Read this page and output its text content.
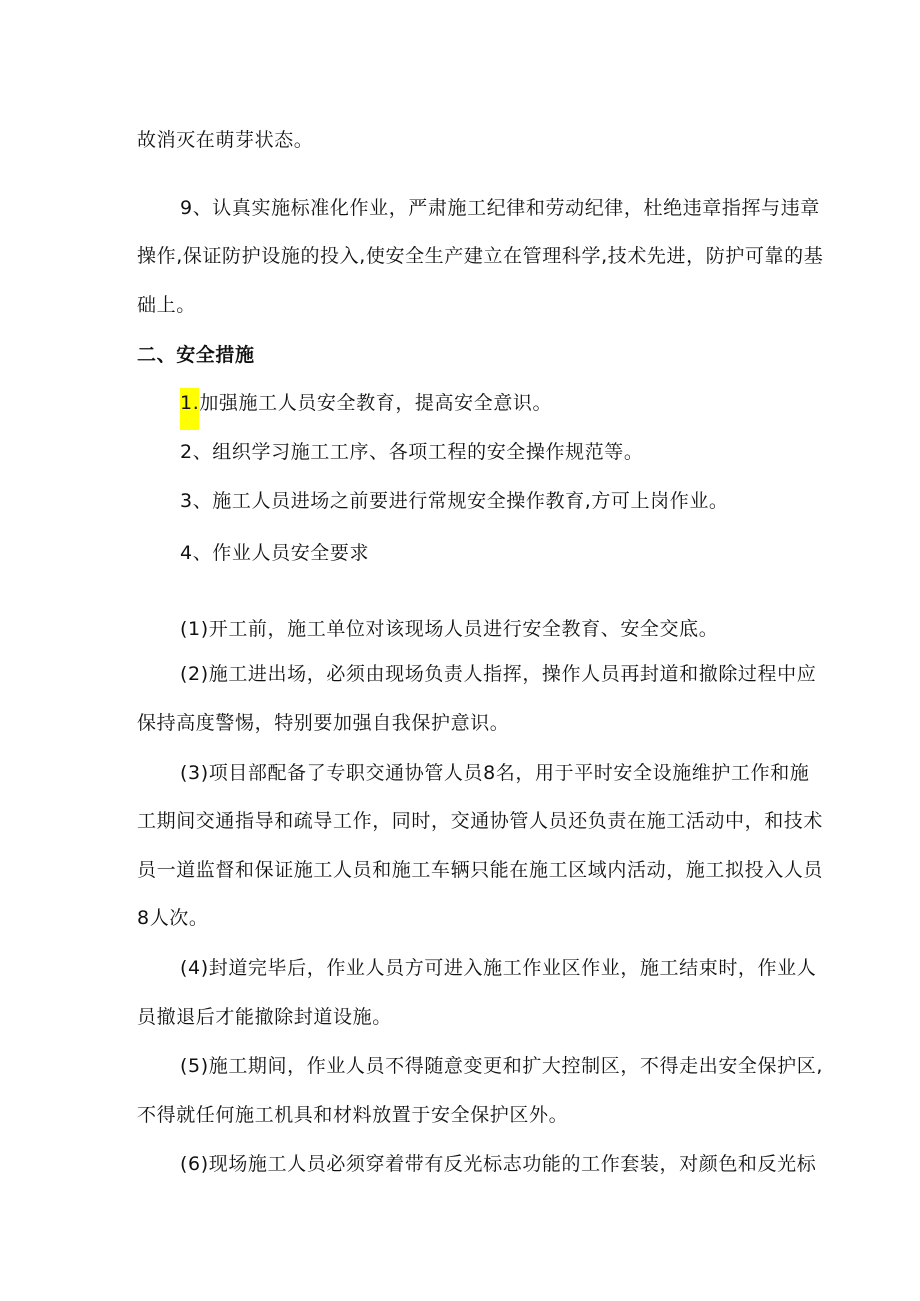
故消灭在萌芽状态。
9、认真实施标准化作业，严肃施工纪律和劳动纪律，杜绝违章指挥与违章
操作,保证防护设施的投入,使安全生产建立在管理科学,技术先进，防护可靠的基
础上。
二、安全措施
1.加强施工人员安全教育，提高安全意识。
2、组织学习施工工序、各项工程的安全操作规范等。
3、施工人员进场之前要进行常规安全操作教育,方可上岗作业。
4、作业人员安全要求
(1)开工前，施工单位对该现场人员进行安全教育、安全交底。
(2)施工进出场，必须由现场负责人指挥，操作人员再封道和撤除过程中应
保持高度警惕，特别要加强自我保护意识。
(3)项目部配备了专职交通协管人员8名，用于平时安全设施维护工作和施
工期间交通指导和疏导工作，同时，交通协管人员还负责在施工活动中，和技术
员一道监督和保证施工人员和施工车辆只能在施工区域内活动，施工拟投入人员
8人次。
(4)封道完毕后，作业人员方可进入施工作业区作业，施工结束时，作业人
员撤退后才能撤除封道设施。
(5)施工期间，作业人员不得随意变更和扩大控制区，不得走出安全保护区,
不得就任何施工机具和材料放置于安全保护区外。
(6)现场施工人员必须穿着带有反光标志功能的工作套装，对颜色和反光标
